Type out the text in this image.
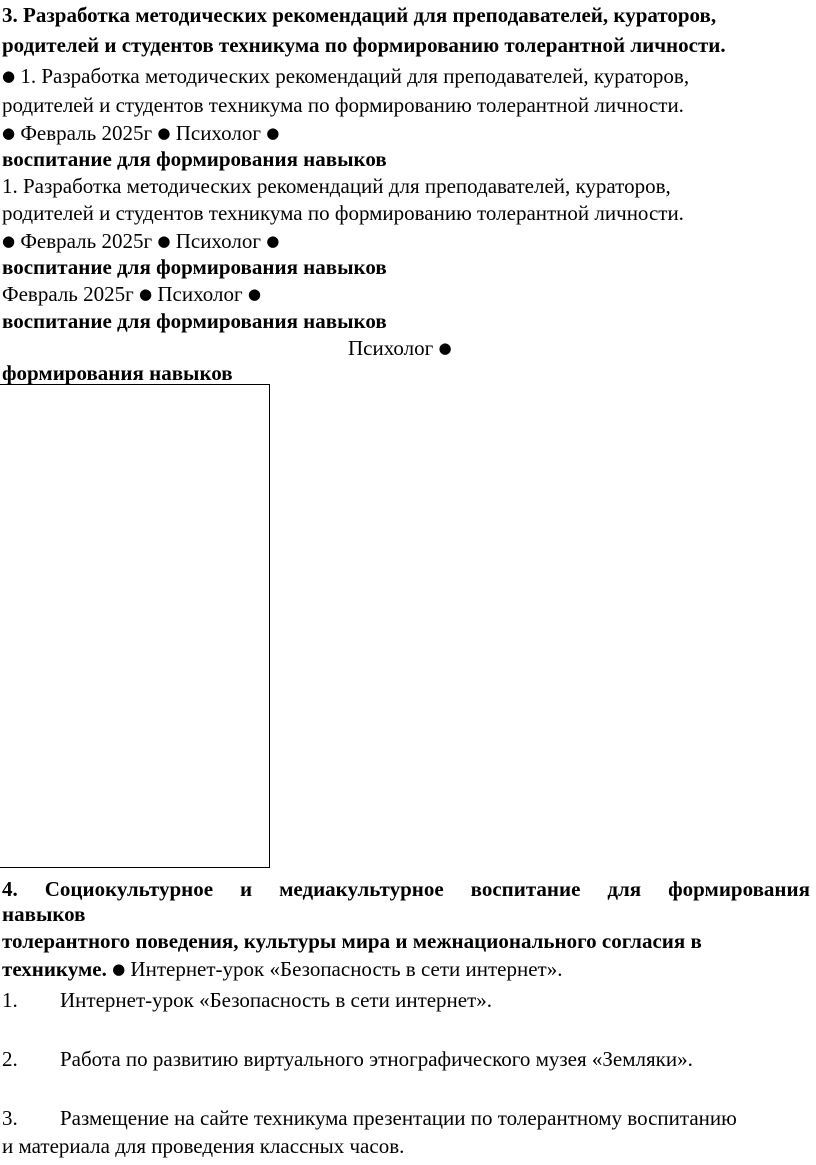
3. Разработка методических рекомендаций для преподавателей, кураторов,
родителей и студентов техникума по формированию толерантной личности.
● 1. Разработка методических рекомендаций для преподавателей, кураторов,
родителей и студентов техникума по формированию толерантной личности.
● Февраль 2025г ● Психолог ●
воспитание для формирования навыков
1. Разработка методических рекомендаций для преподавателей, кураторов,
родителей и студентов техникума по формированию толерантной личности.
● Февраль 2025г ● Психолог ●
воспитание для формирования навыков
Февраль 2025г ● Психолог ●
воспитание для формирования навыков
Психолог ●
формирования навыков
4. Социокультурное и медиакультурное воспитание для формирования
навыков
толерантного поведения, культуры мира и межнационального согласия в
техникуме. ● Интернет-урок «Безопасность в сети интернет».
1. Интернет-урок «Безопасность в сети интернет».
2. Работа по развитию виртуального этнографического музея «Земляки».
3. Размещение на сайте техникума презентации по толерантному воспитанию
и материала для проведения классных часов.
